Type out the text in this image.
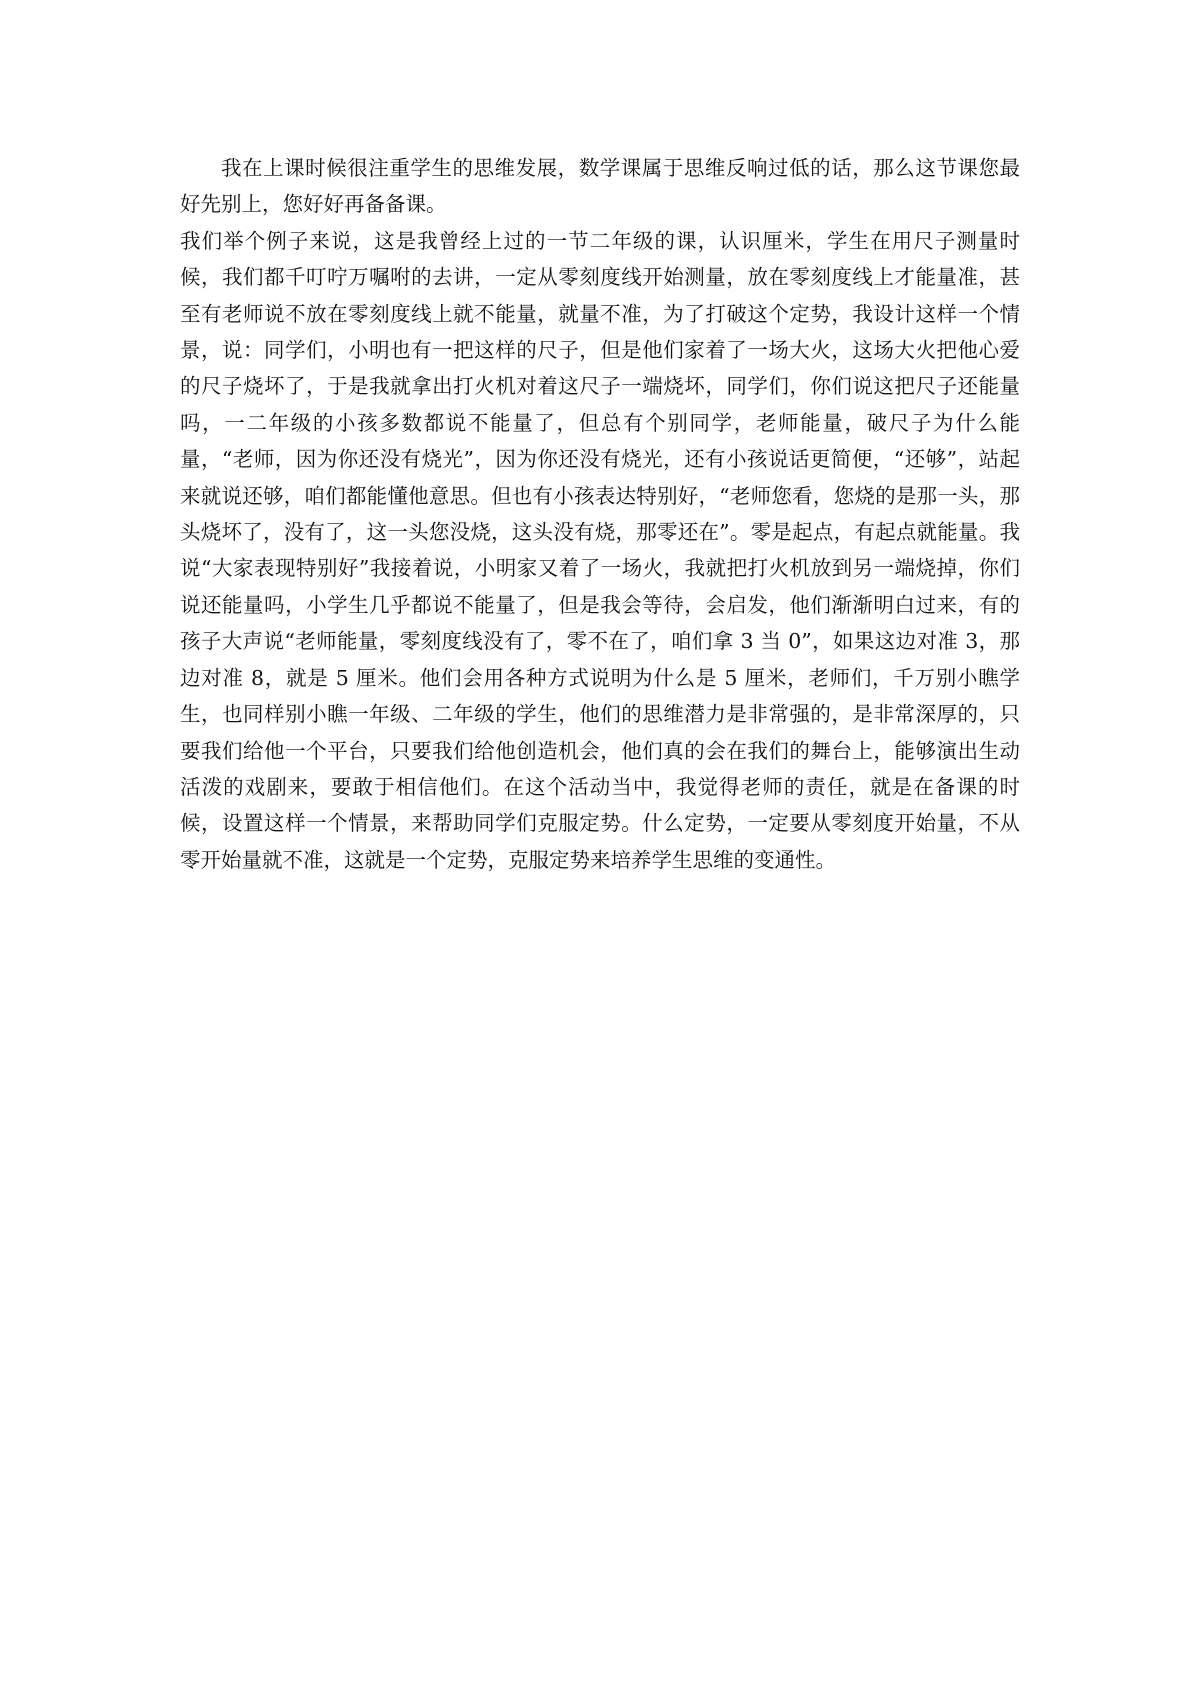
我在上课时候很注重学生的思维发展，数学课属于思维反响过低的话，那么这节课您最好先别上，您好好再备备课。

我们举个例子来说，这是我曾经上过的一节二年级的课，认识厘米，学生在用尺子测量时候，我们都千叮咛万嘱咐的去讲，一定从零刻度线开始测量，放在零刻度线上才能量准，甚至有老师说不放在零刻度线上就不能量，就量不准，为了打破这个定势，我设计这样一个情景，说：同学们，小明也有一把这样的尺子，但是他们家着了一场大火，这场大火把他心爱的尺子烧坏了，于是我就拿出打火机对着这尺子一端烧坏，同学们，你们说这把尺子还能量吗，一二年级的小孩多数都说不能量了，但总有个别同学，老师能量，破尺子为什么能量，“老师，因为你还没有烧光”，因为你还没有烧光，还有小孩说话更简便，“还够”，站起来就说还够，咱们都能懂他意思。但也有小孩表达特别好，“老师您看，您烧的是那一头，那头烧坏了，没有了，这一头您没烧，这头没有烧，那零还在”。零是起点，有起点就能量。我说“大家表现特别好”我接着说，小明家又着了一场火，我就把打火机放到另一端烧掉，你们说还能量吗，小学生几乎都说不能量了，但是我会等待，会启发，他们渐渐明白过来，有的孩子大声说“老师能量，零刻度线没有了，零不在了，咱们拿 3 当 0”，如果这边对准 3，那边对准 8，就是 5 厘米。他们会用各种方式说明为什么是 5 厘米，老师们，千万别小瞧学生，也同样别小瞧一年级、二年级的学生，他们的思维潜力是非常强的，是非常深厚的，只要我们给他一个平台，只要我们给他创造机会，他们真的会在我们的舞台上，能够演出生动活泼的戏剧来，要敢于相信他们。在这个活动当中，我觉得老师的责任，就是在备课的时候，设置这样一个情景，来帮助同学们克服定势。什么定势，一定要从零刻度开始量，不从零开始量就不准，这就是一个定势，克服定势来培养学生思维的变通性。
